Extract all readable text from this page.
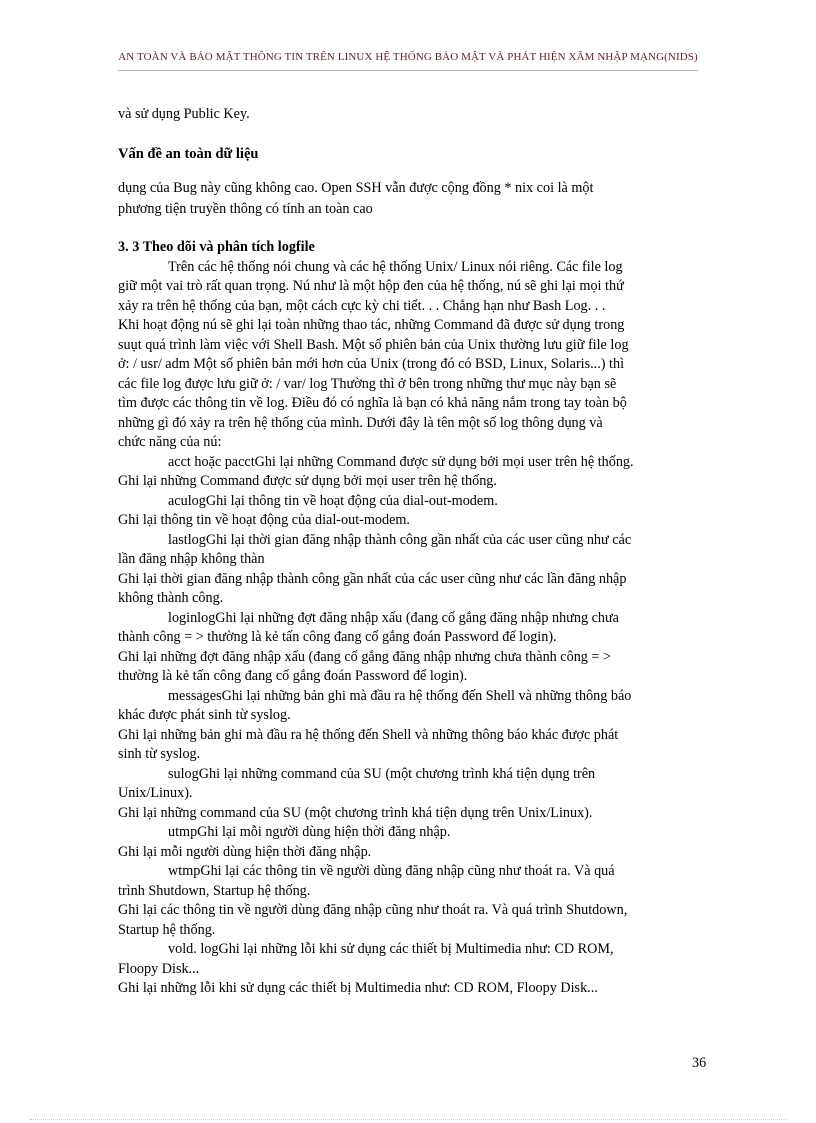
AN TOÀN VÀ BẢO MẬT THÔNG TIN TRÊN LINUX HỆ THỐNG BẢO MẬT VÀ PHÁT HIỆN XÂM NHẬP MẠNG(NIDS)
và sử dụng Public Key.
Vấn đề an toàn dữ liệu
dụng của Bug này cũng không cao. Open SSH vẫn được cộng đồng * nix coi là một
phương tiện truyền thông có tính an toàn cao
3. 3 Theo dõi và phân tích logfile
Trên các hệ thống nói chung và các hệ thống Unix/ Linux nói riêng. Các file log
giữ một vai trò rất quan trọng. Nú như là một hộp đen của hệ thống, nú sẽ ghi lại mọi thứ
xảy ra trên hệ thống của bạn, một cách cực kỳ chi tiết. . . Chẳng hạn như Bash Log. . .
Khi hoạt động nú sẽ ghi lại toàn những thao tác, những Command đã được sử dụng trong
suụt quá trình làm việc với Shell Bash. Một số phiên bản của Unix thường lưu giữ file log
ở: / usr/ adm Một số phiên bản mới hơn của Unix (trong đó có BSD, Linux, Solaris...) thì
các file log được lưu giữ ở: / var/ log Thường thì ở bên trong những thư mục này bạn sẽ
tìm được các thông tin về log. Điều đó có nghĩa là bạn có khả năng nắm trong tay toàn bộ
những gì đó xảy ra trên hệ thống của mình. Dưới đây là tên một số log thông dụng và
chức năng của nú:
acct hoặc pacctGhi lại những Command được sử dụng bởi mọi user trên hệ thống.
Ghi lại những Command được sử dụng bởi mọi user trên hệ thống.
aculogGhi lại thông tin về hoạt động của dial-out-modem.
Ghi lại thông tin về hoạt động của dial-out-modem.
lastlogGhi lại thời gian đăng nhập thành công gần nhất của các user cũng như các
lần đăng nhập không thàn
Ghi lại thời gian đăng nhập thành công gần nhất của các user cũng như các lần đăng nhập
không thành công.
loginlogGhi lại những đợt đăng nhập xấu (đang cố gắng đăng nhập nhưng chưa
thành công = > thường là kẻ tấn công đang cố gắng đoán Password để login).
Ghi lại những đợt đăng nhập xấu (đang cố gắng đăng nhập nhưng chưa thành công = >
thường là kẻ tấn công đang cố gắng đoán Password để login).
messagesGhi lại những bản ghi mà đầu ra hệ thống đến Shell và những thông báo
khác được phát sinh từ syslog.
Ghi lại những bản ghi mà đầu ra hệ thống đến Shell và những thông báo khác được phát
sinh từ syslog.
sulogGhi lại những command của SU (một chương trình khá tiện dụng trên
Unix/Linux).
Ghi lại những command của SU (một chương trình khá tiện dụng trên Unix/Linux).
utmpGhi lại mỗi người dùng hiện thời đăng nhập.
Ghi lại mỗi người dùng hiện thời đăng nhập.
wtmpGhi lại các thông tin về người dùng đăng nhập cũng như thoát ra. Và quá
trình Shutdown, Startup hệ thống.
Ghi lại các thông tin về người dùng đăng nhập cũng như thoát ra. Và quá trình Shutdown,
Startup hệ thống.
vold. logGhi lại những lỗi khi sử dụng các thiết bị Multimedia như: CD ROM,
Floopy Disk...
Ghi lại những lỗi khi sử dụng các thiết bị Multimedia như: CD ROM, Floopy Disk...
36
